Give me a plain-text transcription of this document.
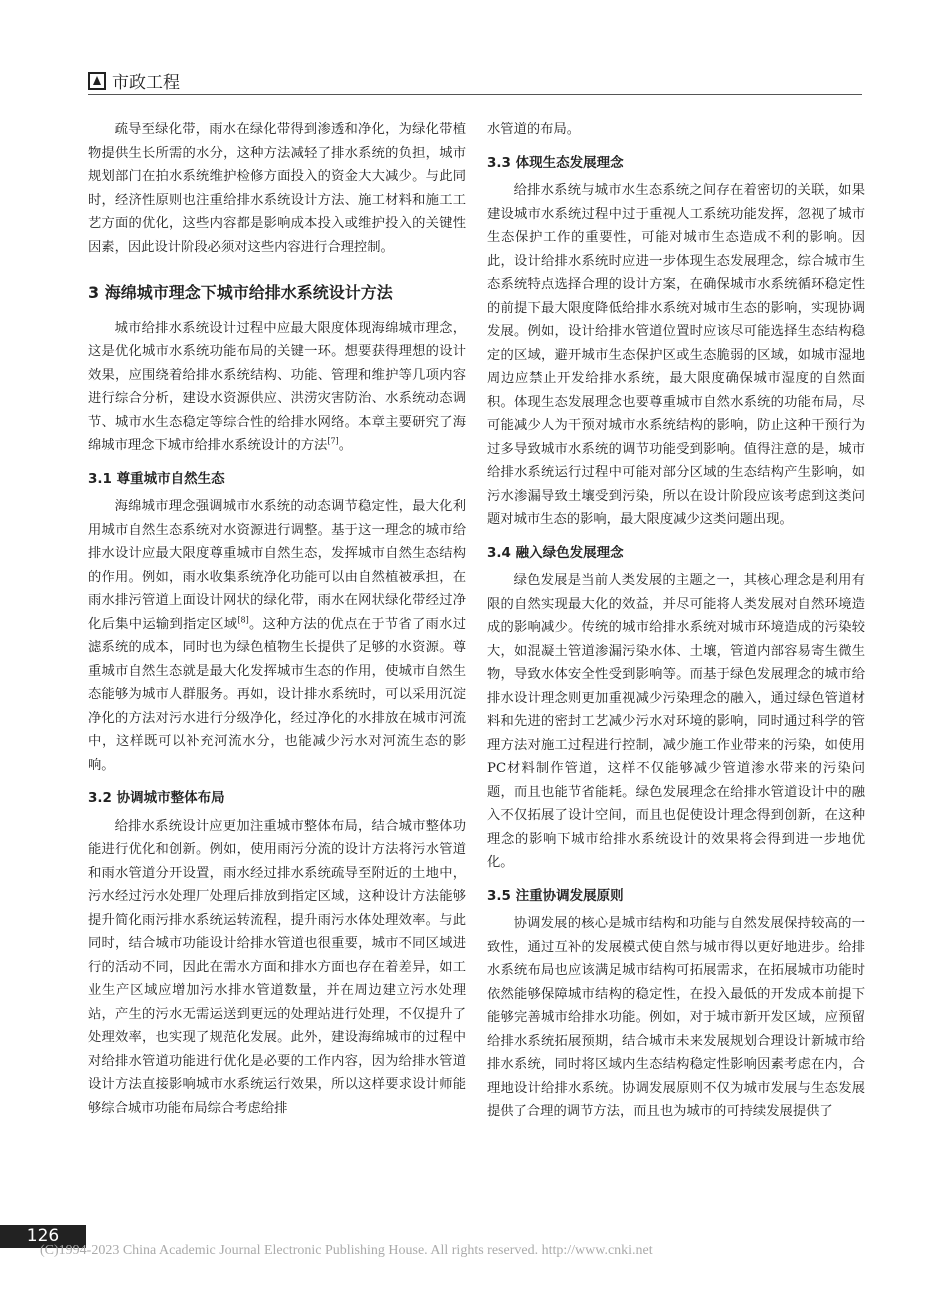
市政工程

疏导至绿化带，雨水在绿化带得到渗透和净化，为绿化带植物提供生长所需的水分，这种方法减轻了排水系统的负担，城市规划部门在拍水系统维护检修方面投入的资金大大减少。与此同时，经济性原则也注重给排水系统设计方法、施工材料和施工工艺方面的优化，这些内容都是影响成本投入或维护投入的关键性因素，因此设计阶段必须对这些内容进行合理控制。

3 海绵城市理念下城市给排水系统设计方法

城市给排水系统设计过程中应最大限度体现海绵城市理念，这是优化城市水系统功能布局的关键一环。想要获得理想的设计效果，应围绕着给排水系统结构、功能、管理和维护等几项内容进行综合分析，建设水资源供应、洪涝灾害防治、水系统动态调节、城市水生态稳定等综合性的给排水网络。本章主要研究了海绵城市理念下城市给排水系统设计的方法[7]。

3.1 尊重城市自然生态

海绵城市理念强调城市水系统的动态调节稳定性，最大化利用城市自然生态系统对水资源进行调整。基于这一理念的城市给排水设计应最大限度尊重城市自然生态，发挥城市自然生态结构的作用。例如，雨水收集系统净化功能可以由自然植被承担，在雨水排污管道上面设计网状的绿化带，雨水在网状绿化带经过净化后集中运输到指定区域[8]。这种方法的优点在于节省了雨水过滤系统的成本，同时也为绿色植物生长提供了足够的水资源。尊重城市自然生态就是最大化发挥城市生态的作用，使城市自然生态能够为城市人群服务。再如，设计排水系统时，可以采用沉淀净化的方法对污水进行分级净化，经过净化的水排放在城市河流中，这样既可以补充河流水分，也能减少污水对河流生态的影响。

3.2 协调城市整体布局

给排水系统设计应更加注重城市整体布局，结合城市整体功能进行优化和创新。例如，使用雨污分流的设计方法将污水管道和雨水管道分开设置，雨水经过排水系统疏导至附近的土地中，污水经过污水处理厂处理后排放到指定区域，这种设计方法能够提升简化雨污排水系统运转流程，提升雨污水体处理效率。与此同时，结合城市功能设计给排水管道也很重要，城市不同区域进行的活动不同，因此在需水方面和排水方面也存在着差异，如工业生产区域应增加污水排水管道数量，并在周边建立污水处理站，产生的污水无需运送到更远的处理站进行处理，不仅提升了处理效率，也实现了规范化发展。此外，建设海绵城市的过程中对给排水管道功能进行优化是必要的工作内容，因为给排水管道设计方法直接影响城市水系统运行效果，所以这样要求设计师能够综合城市功能布局综合考虑给排

水管道的布局。

3.3 体现生态发展理念

给排水系统与城市水生态系统之间存在着密切的关联，如果建设城市水系统过程中过于重视人工系统功能发挥，忽视了城市生态保护工作的重要性，可能对城市生态造成不利的影响。因此，设计给排水系统时应进一步体现生态发展理念，综合城市生态系统特点选择合理的设计方案，在确保城市水系统循环稳定性的前提下最大限度降低给排水系统对城市生态的影响，实现协调发展。例如，设计给排水管道位置时应该尽可能选择生态结构稳定的区域，避开城市生态保护区或生态脆弱的区域，如城市湿地周边应禁止开发给排水系统，最大限度确保城市湿度的自然面积。体现生态发展理念也要尊重城市自然水系统的功能布局，尽可能减少人为干预对城市水系统结构的影响，防止这种干预行为过多导致城市水系统的调节功能受到影响。值得注意的是，城市给排水系统运行过程中可能对部分区域的生态结构产生影响，如污水渗漏导致土壤受到污染，所以在设计阶段应该考虑到这类问题对城市生态的影响，最大限度减少这类问题出现。

3.4 融入绿色发展理念

绿色发展是当前人类发展的主题之一，其核心理念是利用有限的自然实现最大化的效益，并尽可能将人类发展对自然环境造成的影响减少。传统的城市给排水系统对城市环境造成的污染较大，如混凝土管道渗漏污染水体、土壤，管道内部容易寄生微生物，导致水体安全性受到影响等。而基于绿色发展理念的城市给排水设计理念则更加重视减少污染理念的融入，通过绿色管道材料和先进的密封工艺减少污水对环境的影响，同时通过科学的管理方法对施工过程进行控制，减少施工作业带来的污染，如使用PC材料制作管道，这样不仅能够减少管道渗水带来的污染问题，而且也能节省能耗。绿色发展理念在给排水管道设计中的融入不仅拓展了设计空间，而且也促使设计理念得到创新，在这种理念的影响下城市给排水系统设计的效果将会得到进一步地优化。

3.5 注重协调发展原则

协调发展的核心是城市结构和功能与自然发展保持较高的一致性，通过互补的发展模式使自然与城市得以更好地进步。给排水系统布局也应该满足城市结构可拓展需求，在拓展城市功能时依然能够保障城市结构的稳定性，在投入最低的开发成本前提下能够完善城市给排水功能。例如，对于城市新开发区域，应预留给排水系统拓展预期，结合城市未来发展规划合理设计新城市给排水系统，同时将区域内生态结构稳定性影响因素考虑在内，合理地设计给排水系统。协调发展原则不仅为城市发展与生态发展提供了合理的调节方法，而且也为城市的可持续发展提供了

126
(C)1994-2023 China Academic Journal Electronic Publishing House. All rights reserved. http://www.cnki.net
